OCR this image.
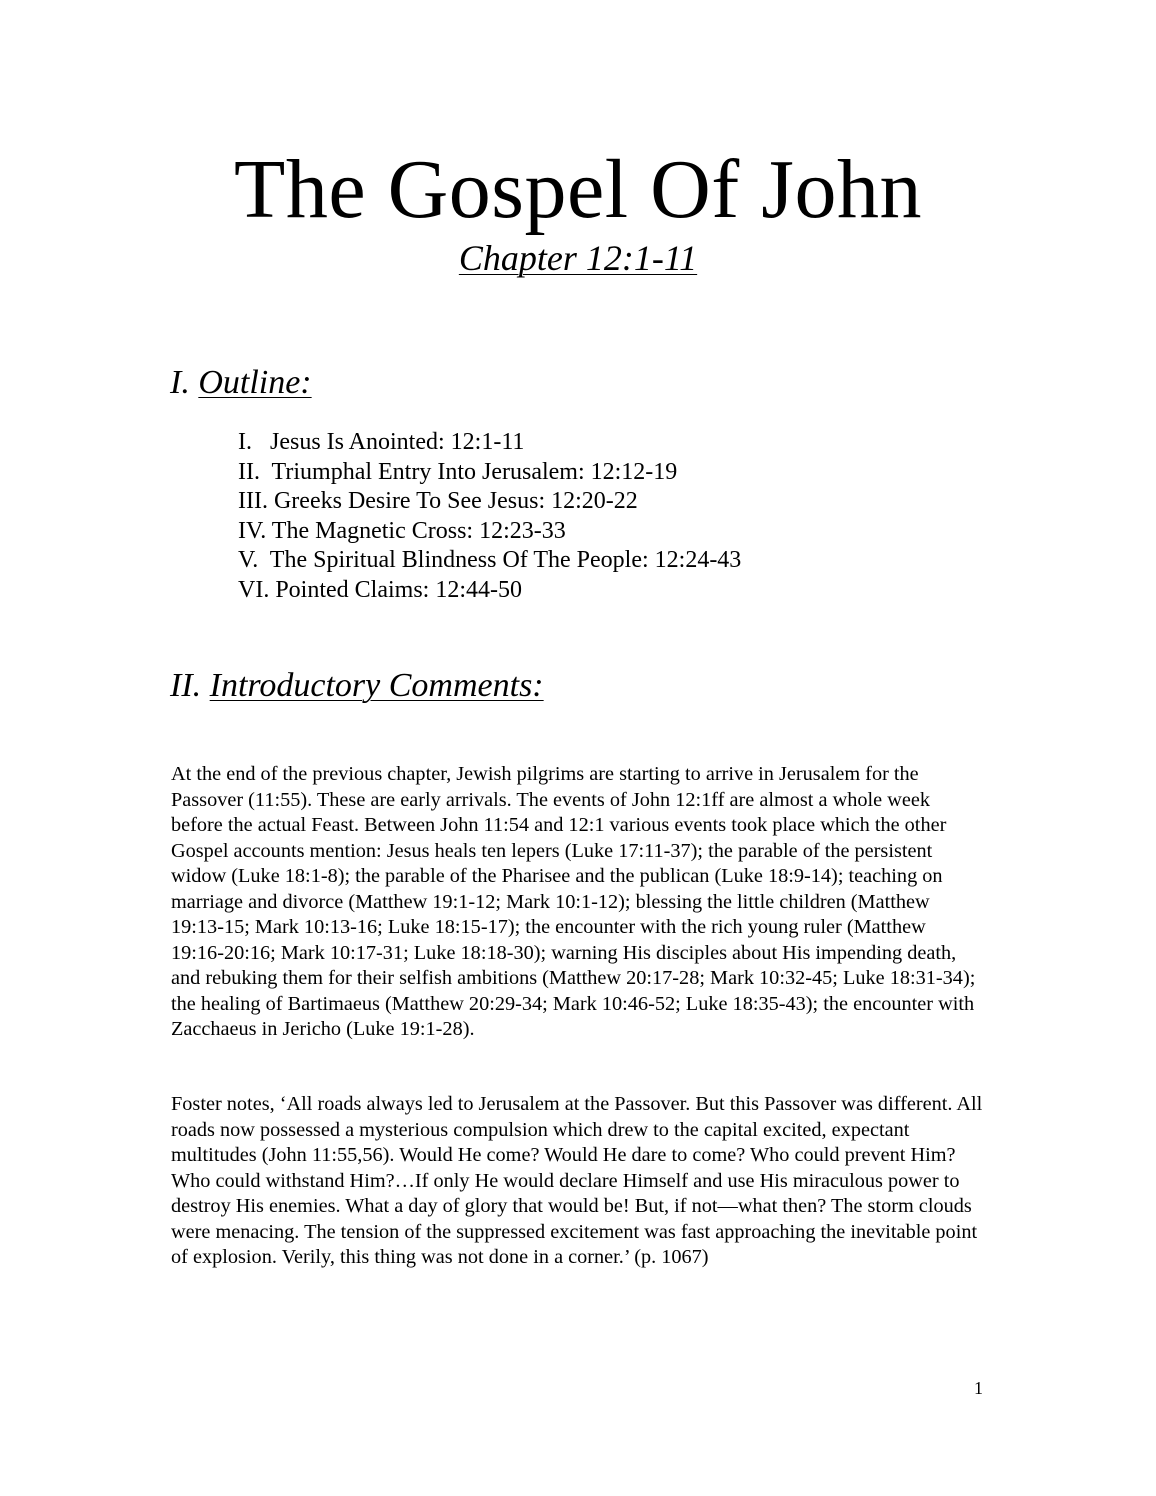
The Gospel Of John
Chapter 12:1-11
I. Outline:
I.   Jesus Is Anointed: 12:1-11
II.  Triumphal Entry Into Jerusalem: 12:12-19
III. Greeks Desire To See Jesus: 12:20-22
IV. The Magnetic Cross: 12:23-33
V.  The Spiritual Blindness Of The People: 12:24-43
VI. Pointed Claims: 12:44-50
II. Introductory Comments:

At the end of the previous chapter, Jewish pilgrims are starting to arrive in Jerusalem for the Passover (11:55). These are early arrivals. The events of John 12:1ff are almost a whole week before the actual Feast. Between John 11:54 and 12:1 various events took place which the other Gospel accounts mention: Jesus heals ten lepers (Luke 17:11-37); the parable of the persistent widow (Luke 18:1-8); the parable of the Pharisee and the publican (Luke 18:9-14); teaching on marriage and divorce (Matthew 19:1-12; Mark 10:1-12); blessing the little children (Matthew 19:13-15; Mark 10:13-16; Luke 18:15-17); the encounter with the rich young ruler (Matthew 19:16-20:16; Mark 10:17-31; Luke 18:18-30); warning His disciples about His impending death, and rebuking them for their selfish ambitions (Matthew 20:17-28; Mark 10:32-45; Luke 18:31-34); the healing of Bartimaeus (Matthew 20:29-34; Mark 10:46-52; Luke 18:35-43); the encounter with Zacchaeus in Jericho (Luke 19:1-28).

Foster notes, ‘All roads always led to Jerusalem at the Passover. But this Passover was different. All roads now possessed a mysterious compulsion which drew to the capital excited, expectant multitudes (John 11:55,56). Would He come? Would He dare to come? Who could prevent Him? Who could withstand Him?…If only He would declare Himself and use His miraculous power to destroy His enemies. What a day of glory that would be! But, if not—what then? The storm clouds were menacing. The tension of the suppressed excitement was fast approaching the inevitable point of explosion. Verily, this thing was not done in a corner.’ (p. 1067)

1
